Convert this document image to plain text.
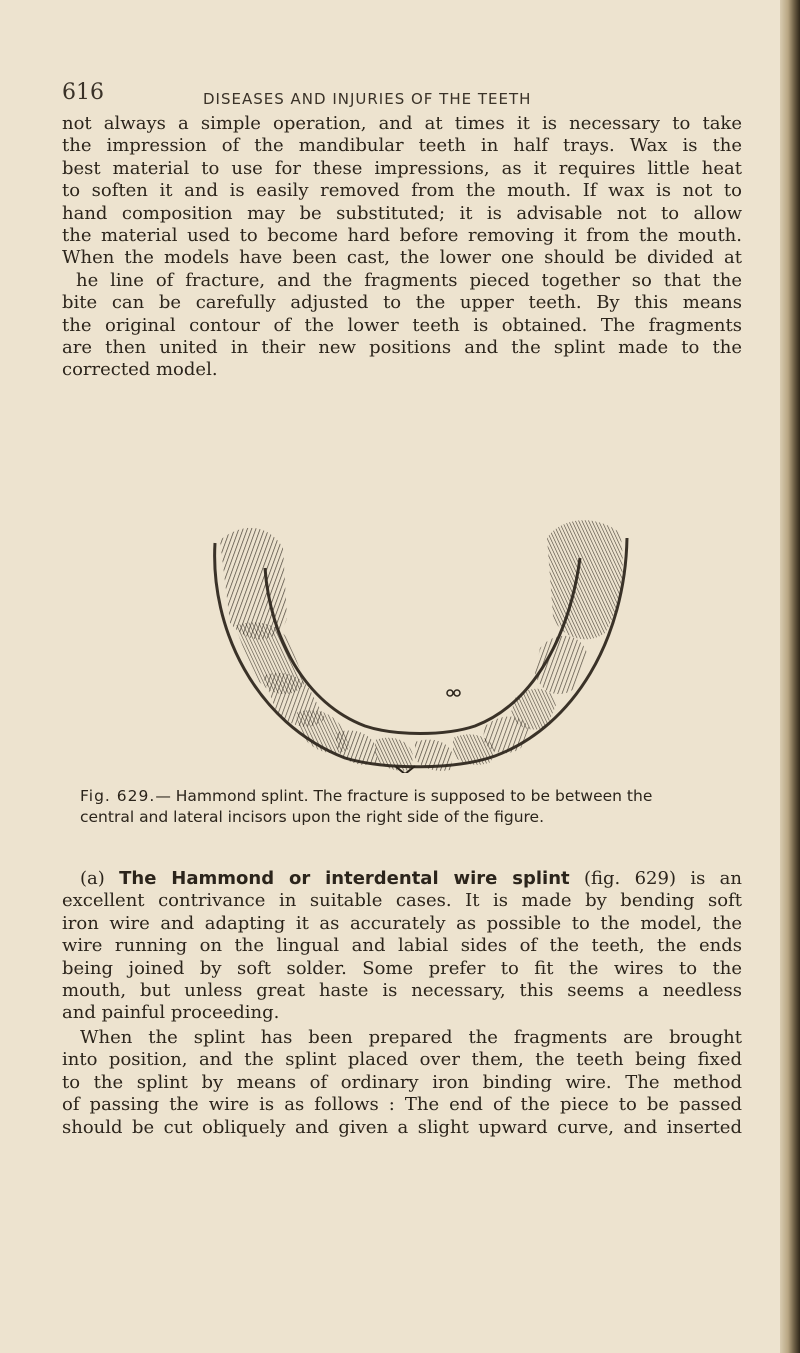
616	DISEASES AND INJURIES OF THE TEETH

not always a simple operation, and at times it is necessary to take
the impression of the mandibular teeth in half trays. Wax is the
best material to use for these impressions, as it requires little heat
to soften it and is easily removed from the mouth. If wax is not to
hand composition may be substituted; it is advisable not to allow
the material used to become hard before removing it from the mouth.
When the models have been cast, the lower one should be divided at
he line of fracture, and the fragments pieced together so that the
bite can be carefully adjusted to the upper teeth. By this means
the original contour of the lower teeth is obtained. The fragments
are then united in their new positions and the splint made to the
corrected model.

Fig. 629.— Hammond splint. The fracture is supposed to be between the
central and lateral incisors upon the right side of the figure.

(a) The Hammond or interdental wire splint (fig. 629) is an
excellent contrivance in suitable cases. It is made by bending soft
iron wire and adapting it as accurately as possible to the model, the
wire running on the lingual and labial sides of the teeth, the ends
being joined by soft solder. Some prefer to fit the wires to the
mouth, but unless great haste is necessary, this seems a needless
and painful proceeding.

When the splint has been prepared the fragments are brought
into position, and the splint placed over them, the teeth being fixed
to the splint by means of ordinary iron binding wire. The method
of passing the wire is as follows : The end of the piece to be passed
should be cut obliquely and given a slight upward curve, and inserted
